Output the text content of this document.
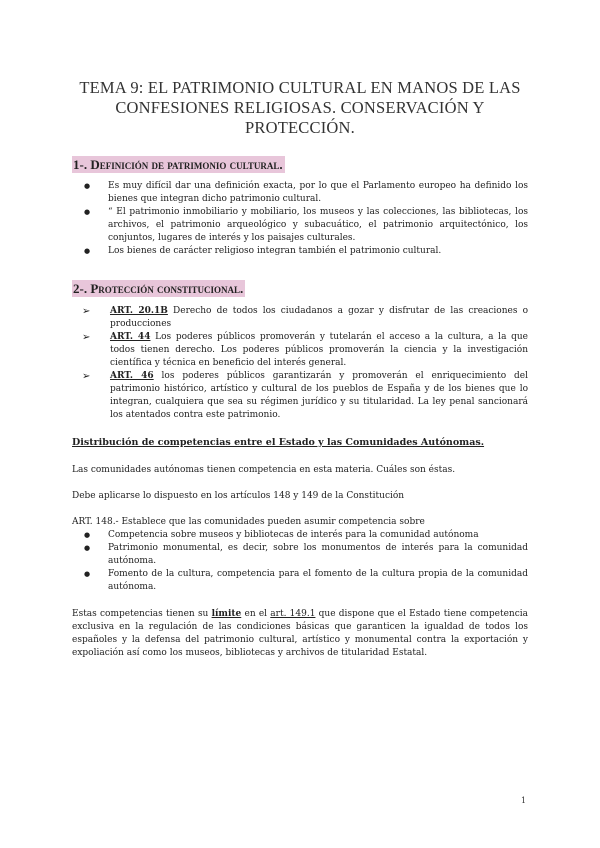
TEMA 9: EL PATRIMONIO CULTURAL EN MANOS DE LAS CONFESIONES RELIGIOSAS. CONSERVACIÓN Y PROTECCIÓN.
1-. Definición de patrimonio cultural.
● Es muy difícil dar una definición exacta, por lo que el Parlamento europeo ha definido los bienes que integran dicho patrimonio cultural.
● “ El patrimonio inmobiliario y mobiliario, los museos y las colecciones, las bibliotecas, los archivos, el patrimonio arqueológico y subacuático, el patrimonio arquitectónico, los conjuntos, lugares de interés y los paisajes culturales.
● Los bienes de carácter religioso integran también el patrimonio cultural.
2-. Protección constitucional.
➢ ART. 20.1B Derecho de todos los ciudadanos a gozar y disfrutar de las creaciones o producciones
➢ ART. 44 Los poderes públicos promoverán y tutelarán el acceso a la cultura, a la que todos tienen derecho. Los poderes públicos promoverán la ciencia y la investigación científica y técnica en beneficio del interés general.
➢ ART. 46 los poderes públicos garantizarán y promoverán el enriquecimiento del patrimonio histórico, artístico y cultural de los pueblos de España y de los bienes que lo integran, cualquiera que sea su régimen jurídico y su titularidad. La ley penal sancionará los atentados contra este patrimonio.
Distribución de competencias entre el Estado y las Comunidades Autónomas.
Las comunidades autónomas tienen competencia en esta materia. Cuáles son éstas.
Debe aplicarse lo dispuesto en los artículos 148 y 149 de la Constitución
ART. 148.- Establece que las comunidades pueden asumir competencia sobre
● Competencia sobre museos y bibliotecas de interés para la comunidad autónoma
● Patrimonio monumental, es decir, sobre los monumentos de interés para la comunidad autónoma.
● Fomento de la cultura, competencia para el fomento de la cultura propia de la comunidad autónoma.
Estas competencias tienen su límite en el art. 149.1 que dispone que el Estado tiene competencia exclusiva en la regulación de las condiciones básicas que garanticen la igualdad de todos los españoles y la defensa del patrimonio cultural, artístico y monumental contra la exportación y expoliación así como los museos, bibliotecas y archivos de titularidad Estatal.
1
